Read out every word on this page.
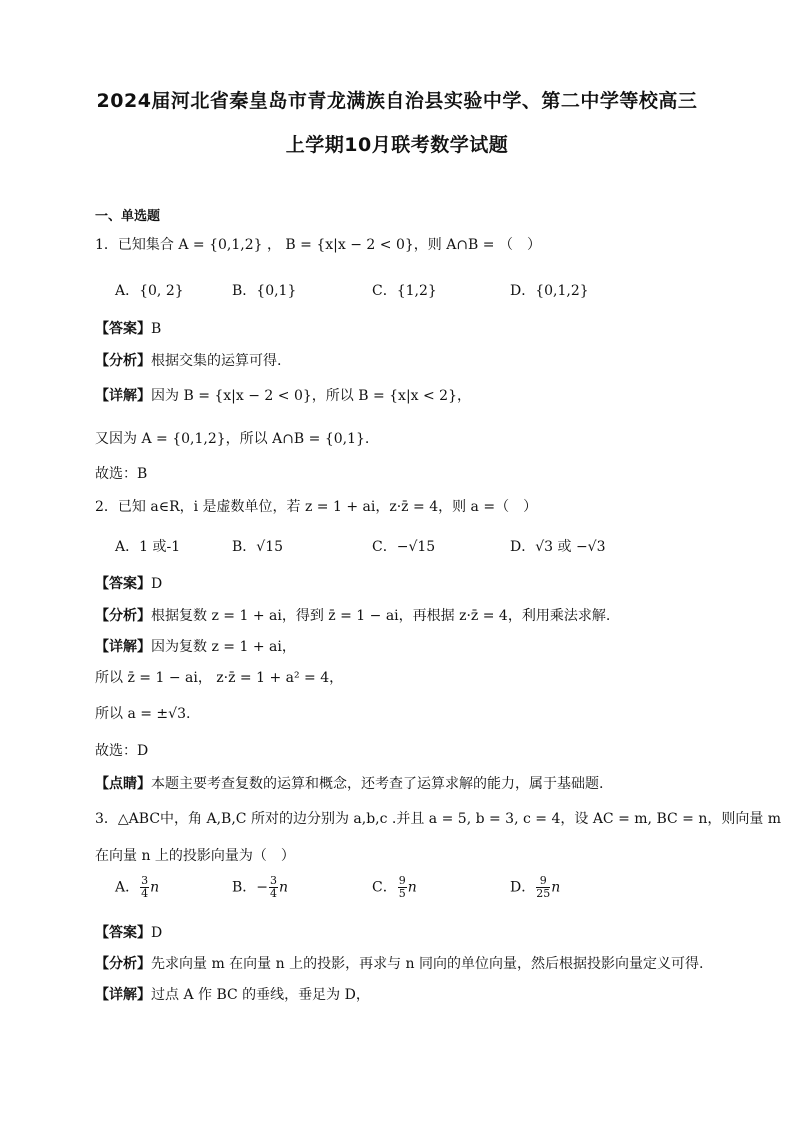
2024届河北省秦皇岛市青龙满族自治县实验中学、第二中学等校高三
上学期10月联考数学试题
一、单选题
1．已知集合 A = {0,1,2} ， B = {x|x − 2 < 0}，则 A∩B = （　）
A．{0, 2}	B．{0,1}	C．{1,2}	D．{0,1,2}
【答案】B
【分析】根据交集的运算可得.
【详解】因为 B = {x|x − 2 < 0}，所以 B = {x|x < 2}，
又因为 A = {0,1,2}，所以 A∩B = {0,1}.
故选：B
2．已知 a∈R，i 是虚数单位，若 z = 1 + ai，z·z̄ = 4，则 a =（　）
A．1 或-1	B．√15	C．−√15	D．√3 或 −√3
【答案】D
【分析】根据复数 z = 1 + ai，得到 z̄ = 1 − ai，再根据 z·z̄ = 4，利用乘法求解.
【详解】因为复数 z = 1 + ai，
所以 z̄ = 1 − ai， z·z̄ = 1 + a² = 4，
所以 a = ±√3.
故选：D
【点睛】本题主要考查复数的运算和概念，还考查了运算求解的能力，属于基础题.
3．△ABC中，角 A,B,C 所对的边分别为 a,b,c .并且 a = 5, b = 3, c = 4，设 AC = m, BC = n，则向量 m
在向量 n 上的投影向量为（　）
A． $\frac{3}{4}$ n	B．− $\frac{3}{4}$ n	C． $\frac{9}{5}$ n	D． $\frac{9}{25}$ n
【答案】D
【分析】先求向量 m 在向量 n 上的投影，再求与 n 同向的单位向量，然后根据投影向量定义可得.
【详解】过点 A 作 BC 的垂线，垂足为 D，
